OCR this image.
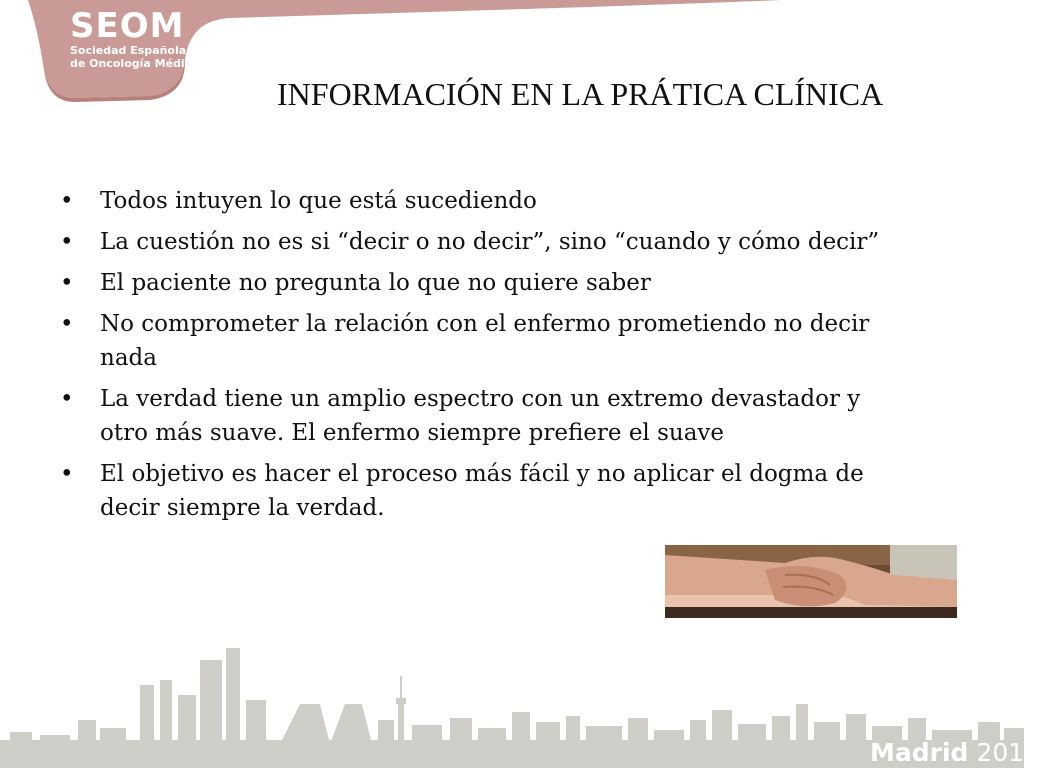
SEOM
Sociedad Española
de Oncología Médica
INFORMACIÓN EN LA PRÁTICA CLÍNICA
• Todos intuyen lo que está sucediendo
• La cuestión no es si “decir o no decir”, sino “cuando y cómo decir”
• El paciente no pregunta lo que no quiere saber
• No comprometer la relación con el enfermo prometiendo no decir
nada
• La verdad tiene un amplio espectro con un extremo devastador y
otro más suave. El enfermo siempre prefiere el suave
• El objetivo es hacer el proceso más fácil y no aplicar el dogma de
decir siempre la verdad.
Madrid 2010
